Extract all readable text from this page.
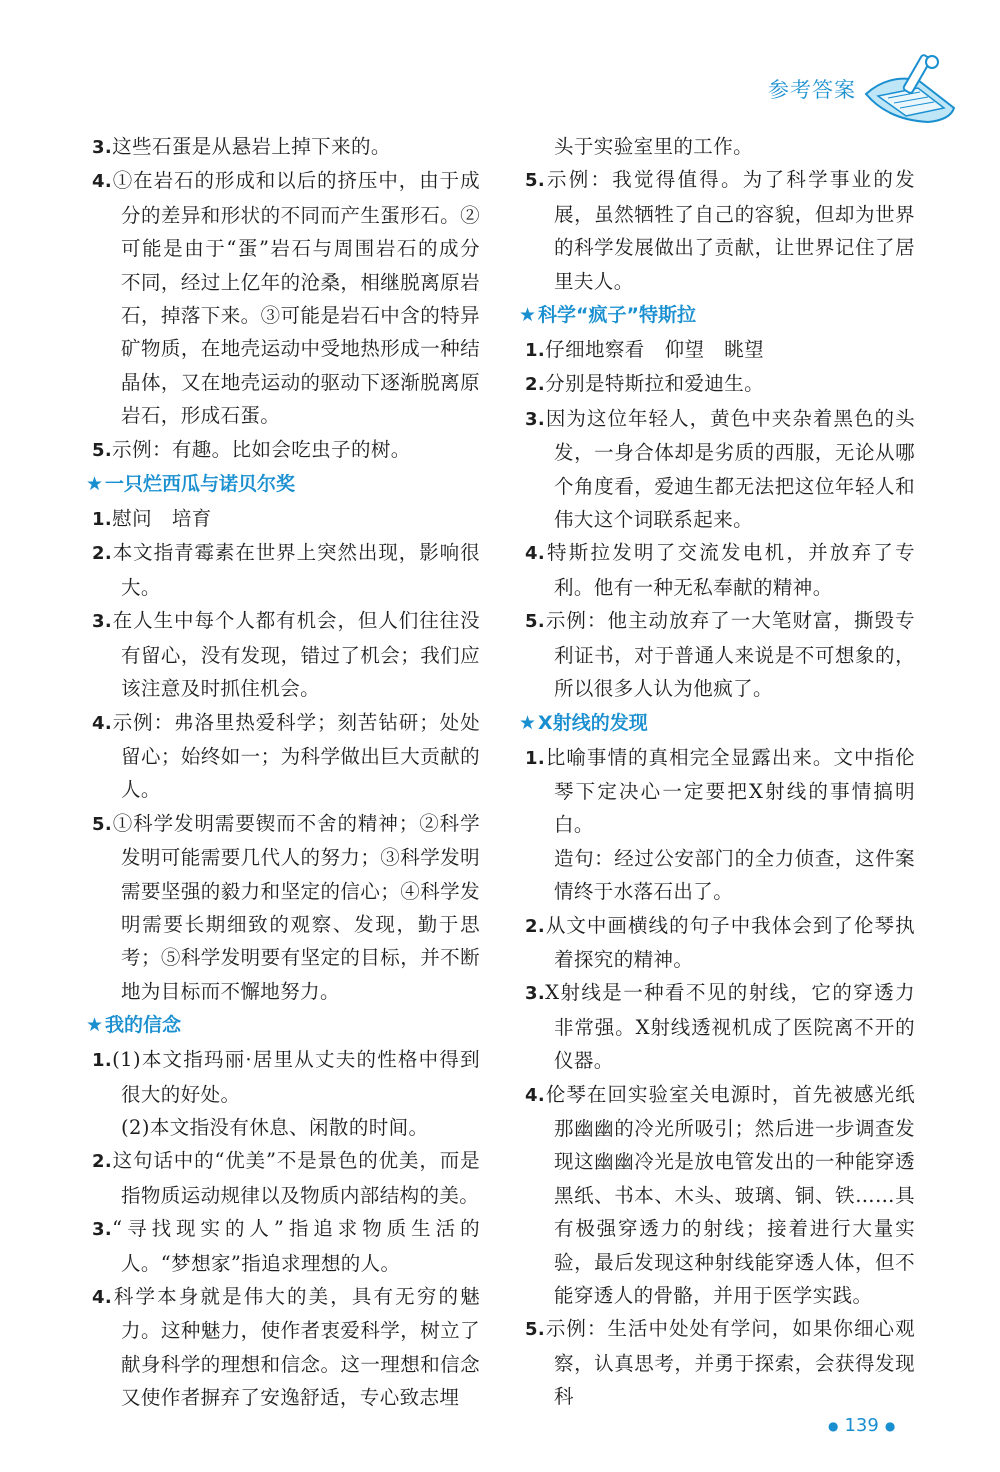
参考答案
3.这些石蛋是从悬岩上掉下来的。
4.①在岩石的形成和以后的挤压中，由于成分的差异和形状的不同而产生蛋形石。②可能是由于“蛋”岩石与周围岩石的成分不同，经过上亿年的沧桑，相继脱离原岩石，掉落下来。③可能是岩石中含的特异矿物质，在地壳运动中受地热形成一种结晶体，又在地壳运动的驱动下逐渐脱离原岩石，形成石蛋。
5.示例：有趣。比如会吃虫子的树。
★ 一只烂西瓜与诺贝尔奖
1.慰问　培育
2.本文指青霉素在世界上突然出现，影响很大。
3.在人生中每个人都有机会，但人们往往没有留心，没有发现，错过了机会；我们应该注意及时抓住机会。
4.示例：弗洛里热爱科学；刻苦钻研；处处留心；始终如一；为科学做出巨大贡献的人。
5.①科学发明需要锲而不舍的精神；②科学发明可能需要几代人的努力；③科学发明需要坚强的毅力和坚定的信心；④科学发明需要长期细致的观察、发现，勤于思考；⑤科学发明要有坚定的目标，并不断地为目标而不懈地努力。
★ 我的信念
1.(1)本文指玛丽·居里从丈夫的性格中得到很大的好处。
(2)本文指没有休息、闲散的时间。
2.这句话中的“优美”不是景色的优美，而是指物质运动规律以及物质内部结构的美。
3.“寻找现实的人”指追求物质生活的人。“梦想家”指追求理想的人。
4.科学本身就是伟大的美，具有无穷的魅力。这种魅力，使作者衷爱科学，树立了献身科学的理想和信念。这一理想和信念又使作者摒弃了安逸舒适，专心致志埋
头于实验室里的工作。
5.示例：我觉得值得。为了科学事业的发展，虽然牺牲了自己的容貌，但却为世界的科学发展做出了贡献，让世界记住了居里夫人。
★ 科学“疯子”特斯拉
1.仔细地察看　仰望　眺望
2.分别是特斯拉和爱迪生。
3.因为这位年轻人，黄色中夹杂着黑色的头发，一身合体却是劣质的西服，无论从哪个角度看，爱迪生都无法把这位年轻人和伟大这个词联系起来。
4.特斯拉发明了交流发电机，并放弃了专利。他有一种无私奉献的精神。
5.示例：他主动放弃了一大笔财富，撕毁专利证书，对于普通人来说是不可想象的，所以很多人认为他疯了。
★ X射线的发现
1.比喻事情的真相完全显露出来。文中指伦琴下定决心一定要把X射线的事情搞明白。
造句：经过公安部门的全力侦查，这件案情终于水落石出了。
2.从文中画横线的句子中我体会到了伦琴执着探究的精神。
3.X射线是一种看不见的射线，它的穿透力非常强。X射线透视机成了医院离不开的仪器。
4.伦琴在回实验室关电源时，首先被感光纸那幽幽的冷光所吸引；然后进一步调查发现这幽幽冷光是放电管发出的一种能穿透黑纸、书本、木头、玻璃、铜、铁……具有极强穿透力的射线；接着进行大量实验，最后发现这种射线能穿透人体，但不能穿透人的骨骼，并用于医学实践。
5.示例：生活中处处有学问，如果你细心观察，认真思考，并勇于探索，会获得发现科
● 139 ●
